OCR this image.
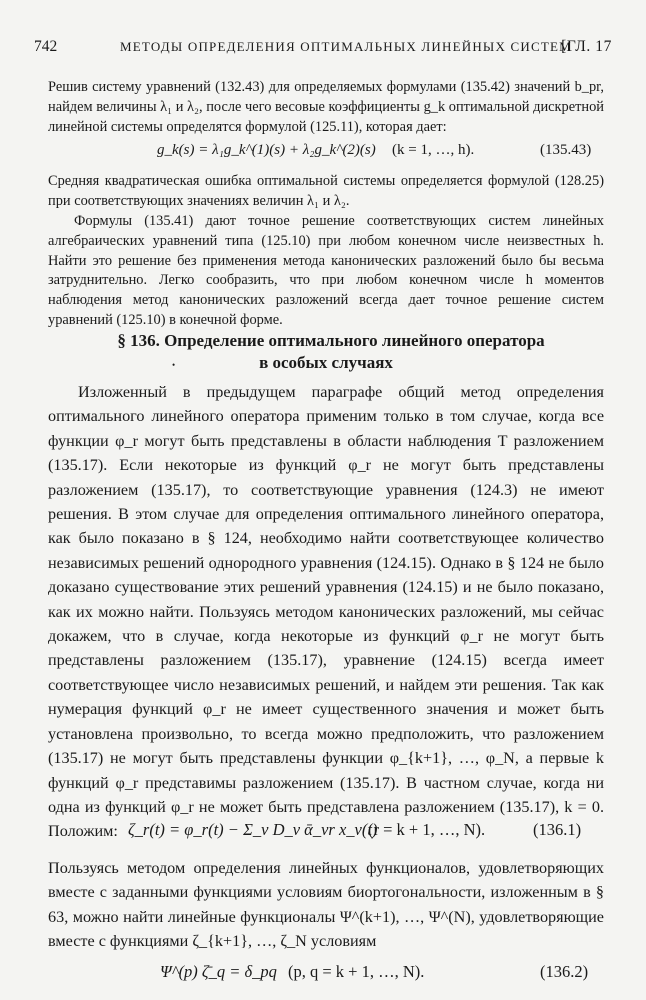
742	МЕТОДЫ ОПРЕДЕЛЕНИЯ ОПТИМАЛЬНЫХ ЛИНЕЙНЫХ СИСТЕМ
[ГЛ. 17

Решив систему уравнений (132.43) для определяемых формулами (135.42) значений b_pr, найдем величины λ₁ и λ₂, после чего весовые коэффициенты g_k оптимальной дискретной линейной системы определятся формулой (125.11), которая дает:

g_k(s) = λ₁g_k^(1)(s) + λ₂g_k^(2)(s) (k = 1, …, h).	(135.43)

Средняя квадратическая ошибка оптимальной системы определяется формулой (128.25) при соответствующих значениях величин λ₁ и λ₂.

Формулы (135.41) дают точное решение соответствующих систем линейных алгебраических уравнений типа (125.10) при любом конечном числе неизвестных h. Найти это решение без применения метода канонических разложений было бы весьма затруднительно. Легко сообразить, что при любом конечном числе h моментов наблюдения метод канонических разложений всегда дает точное решение систем уравнений (125.10) в конечной форме.

§ 136. Определение оптимального линейного оператора
в особых случаях
•

Изложенный в предыдущем параграфе общий метод определения оптимального линейного оператора применим только в том случае, когда все функции φ_r могут быть представлены в области наблюдения T разложением (135.17). Если некоторые из функций φ_r не могут быть представлены разложением (135.17), то соответствующие уравнения (124.3) не имеют решения. В этом случае для определения оптимального линейного оператора, как было показано в § 124, необходимо найти соответствующее количество независимых решений однородного уравнения (124.15). Однако в § 124 не было доказано существование этих решений уравнения (124.15) и не было показано, как их можно найти. Пользуясь методом канонических разложений, мы сейчас докажем, что в случае, когда некоторые из функций φ_r не могут быть представлены разложением (135.17), уравнение (124.15) всегда имеет соответствующее число независимых решений, и найдем эти решения. Так как нумерация функций φ_r не имеет существенного значения и может быть установлена произвольно, то всегда можно предположить, что разложением (135.17) не могут быть представлены функции φ_{k+1}, …, φ_N, а первые k функций φ_r представимы разложением (135.17). В частном случае, когда ни одна из функций φ_r не может быть представлена разложением (135.17), k = 0. Положим: ζ_r(t) = φ_r(t) − Σ_ν D_ν ᾱ_νr x_ν(t)
(r = k + 1, …, N).	(136.1)

Пользуясь методом определения линейных функционалов, удовлетворяющих вместе с заданными функциями условиям биортогональности, изложенным в § 63, можно найти линейные функционалы Ψ^(k+1), …, Ψ^(N), удовлетворяющие вместе с функциями ζ_{k+1}, …, ζ_N условиям

Ψ^(p) ζ̄_q = δ_pq (p, q = k + 1, …, N).	(136.2)
